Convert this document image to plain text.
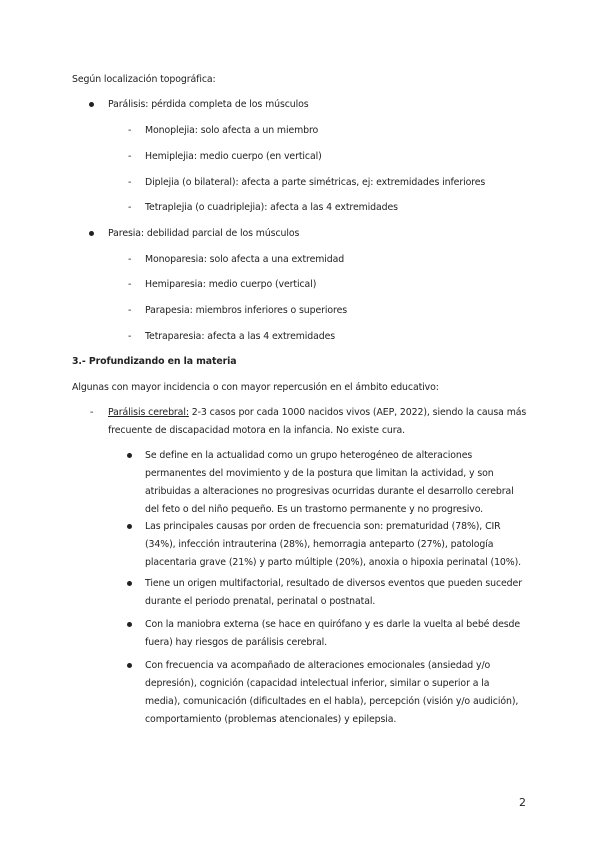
Según localización topográfica:
Parálisis: pérdida completa de los músculos
- Monoplejia: solo afecta a un miembro
- Hemiplejia: medio cuerpo (en vertical)
- Diplejia (o bilateral): afecta a parte simétricas, ej: extremidades inferiores
- Tetraplejia (o cuadriplejia): afecta a las 4 extremidades
Paresia: debilidad parcial de los músculos
- Monoparesia: solo afecta a una extremidad
- Hemiparesia: medio cuerpo (vertical)
- Parapesia: miembros inferiores o superiores
- Tetraparesia: afecta a las 4 extremidades
3.- Profundizando en la materia
Algunas con mayor incidencia o con mayor repercusión en el ámbito educativo:
- Parálisis cerebral: 2-3 casos por cada 1000 nacidos vivos (AEP, 2022), siendo la causa más
frecuente de discapacidad motora en la infancia. No existe cura.
Se define en la actualidad como un grupo heterogéneo de alteraciones permanentes del movimiento y de la postura que limitan la actividad, y son atribuidas a alteraciones no progresivas ocurridas durante el desarrollo cerebral del feto o del niño pequeño. Es un trastorno permanente y no progresivo.
Las principales causas por orden de frecuencia son: prematuridad (78%), CIR (34%), infección intrauterina (28%), hemorragia anteparto (27%), patología placentaria grave (21%) y parto múltiple (20%), anoxia o hipoxia perinatal (10%).
Tiene un origen multifactorial, resultado de diversos eventos que pueden suceder durante el periodo prenatal, perinatal o postnatal.
Con la maniobra externa (se hace en quirófano y es darle la vuelta al bebé desde fuera) hay riesgos de parálisis cerebral.
Con frecuencia va acompañado de alteraciones emocionales (ansiedad y/o depresión), cognición (capacidad intelectual inferior, similar o superior a la media), comunicación (dificultades en el habla), percepción (visión y/o audición), comportamiento (problemas atencionales) y epilepsia.
2
